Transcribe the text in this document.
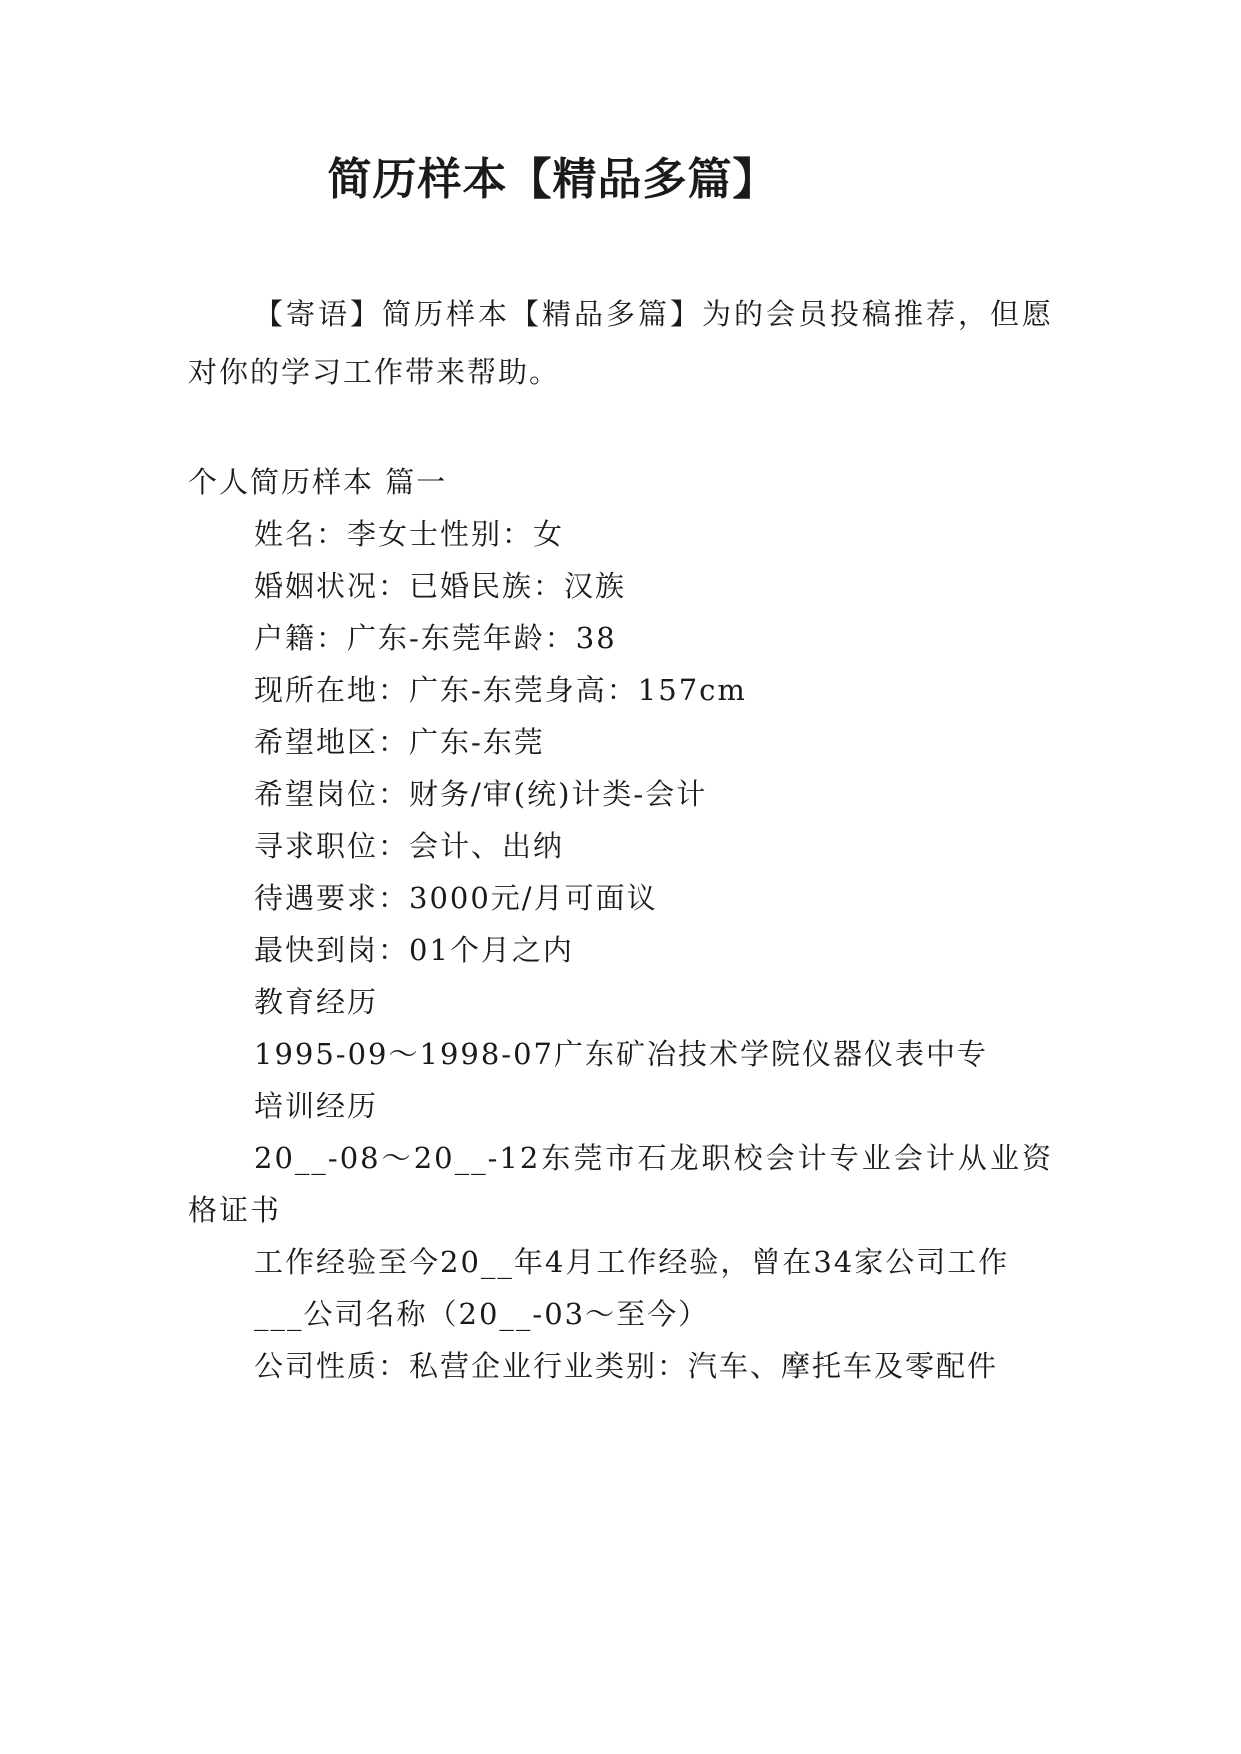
简历样本【精品多篇】

【寄语】简历样本【精品多篇】为的会员投稿推荐，但愿对你的学习工作带来帮助。

个人简历样本 篇一
姓名：李女士性别：女
婚姻状况：已婚民族：汉族
户籍：广东-东莞年龄：38
现所在地：广东-东莞身高：157cm
希望地区：广东-东莞
希望岗位：财务/审(统)计类-会计
寻求职位：会计、出纳
待遇要求：3000元/月可面议
最快到岗：01个月之内
教育经历
1995-09～1998-07广东矿冶技术学院仪器仪表中专
培训经历
20__-08～20__-12东莞市石龙职校会计专业会计从业资格证书
工作经验至今20__年4月工作经验，曾在34家公司工作
___公司名称（20__-03～至今）
公司性质：私营企业行业类别：汽车、摩托车及零配件
